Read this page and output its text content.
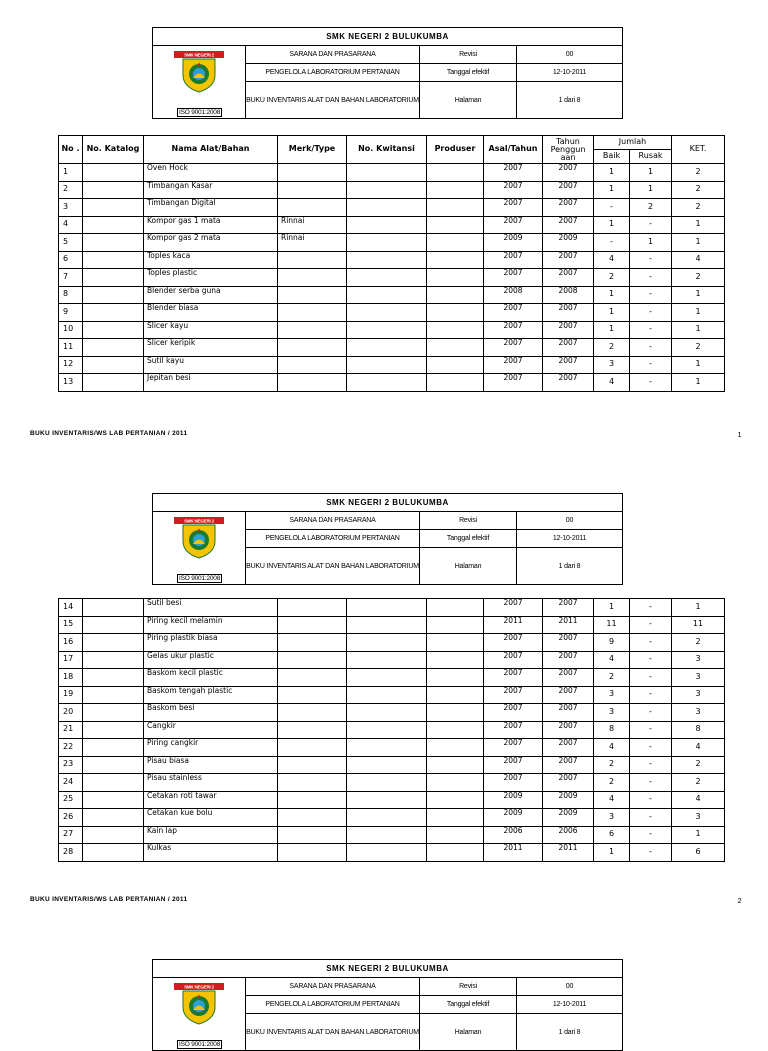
SMK NEGERI 2 BULUKUMBA			

SMK NEGERI 2
ISO 9001:2008	SARANA DAN PRASARANA	Revisi	00
	PENGELOLA LABORATORIUM PERTANIAN	Tanggal efektif	12-10-2011
	BUKU INVENTARIS ALAT DAN BAHAN LABORATORIUM	Halaman	1 dari 8
No .	No. Katalog	Nama Alat/Bahan	Merk/Type	No. Kwitansi	Produser	Asal/Tahun	Tahun Penggun aan	Jumlah		KET.
								Baik	Rusak	
1		Oven Hock				2007	2007	1	1	2
2		Timbangan Kasar				2007	2007	1	1	2
3		Timbangan Digital				2007	2007	-	2	2
4		Kompor gas 1 mata	Rinnai			2007	2007	1	-	1
5		Kompor gas 2 mata	Rinnai			2009	2009	-	1	1
6		Toples kaca				2007	2007	4	-	4
7		Toples plastic				2007	2007	2	-	2
8		Blender serba guna				2008	2008	1	-	1
9		Blender biasa				2007	2007	1	-	1
10		Slicer kayu				2007	2007	1	-	1
11		Slicer keripik				2007	2007	2	-	2
12		Sutil kayu				2007	2007	3	-	1
13		Jepitan besi				2007	2007	4	-	1
BUKU INVENTARIS/WS LAB PERTANIAN / 2011	1
SMK NEGERI 2 BULUKUMBA			

SMK NEGERI 2
ISO 9001:2008	SARANA DAN PRASARANA	Revisi	00
	PENGELOLA LABORATORIUM PERTANIAN	Tanggal efektif	12-10-2011
	BUKU INVENTARIS ALAT DAN BAHAN LABORATORIUM	Halaman	1 dari 8
14		Sutil besi				2007	2007	1	-	1
15		Piring kecil melamin				2011	2011	11	-	11
16		Piring plastik biasa				2007	2007	9	-	2
17		Gelas ukur plastic				2007	2007	4	-	3
18		Baskom kecil plastic				2007	2007	2	-	3
19		Baskom tengah plastic				2007	2007	3	-	3
20		Baskom besi				2007	2007	3	-	3
21		Cangkir				2007	2007	8	-	8
22		Piring cangkir				2007	2007	4	-	4
23		Pisau biasa				2007	2007	2	-	2
24		Pisau stainless				2007	2007	2	-	2
25		Cetakan roti tawar				2009	2009	4	-	4
26		Cetakan kue bolu				2009	2009	3	-	3
27		Kain lap				2006	2006	6	-	1
28		Kulkas				2011	2011	1	-	6
BUKU INVENTARIS/WS LAB PERTANIAN / 2011	2
SMK NEGERI 2 BULUKUMBA			

SMK NEGERI 2
ISO 9001:2008	SARANA DAN PRASARANA	Revisi	00
	PENGELOLA LABORATORIUM PERTANIAN	Tanggal efektif	12-10-2011
	BUKU INVENTARIS ALAT DAN BAHAN LABORATORIUM	Halaman	1 dari 8
